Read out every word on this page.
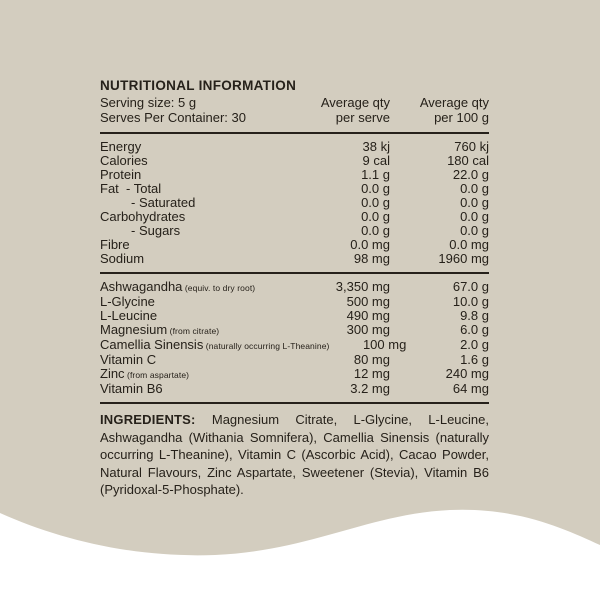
NUTRITIONAL INFORMATION
Serving size: 5 g
Serves Per Container: 30
Average qty
per serve
Average qty
per 100 g
Energy	38 kj	760 kj
Calories	9 cal	180 cal
Protein	1.1 g	22.0 g
Fat  - Total	0.0 g	0.0 g
- Saturated	0.0 g	0.0 g
Carbohydrates	0.0 g	0.0 g
- Sugars	0.0 g	0.0 g
Fibre	0.0 mg	0.0 mg
Sodium	98 mg	1960 mg
Ashwagandha (equiv. to dry root)	3,350 mg	67.0 g
L-Glycine	500 mg	10.0 g
L-Leucine	490 mg	9.8 g
Magnesium (from citrate)	300 mg	6.0 g
Camellia Sinensis (naturally occurring L-Theanine)	100 mg	2.0 g
Vitamin C	80 mg	1.6 g
Zinc (from aspartate)	12 mg	240 mg
Vitamin B6	3.2 mg	64 mg

INGREDIENTS: Magnesium Citrate, L-Glycine, L-Leucine, Ashwagandha (Withania Somnifera), Camellia Sinensis (naturally occurring L-Theanine), Vitamin C (Ascorbic Acid), Cacao Powder, Natural Flavours, Zinc Aspartate, Sweetener (Stevia), Vitamin B6 (Pyridoxal-5-Phosphate).
